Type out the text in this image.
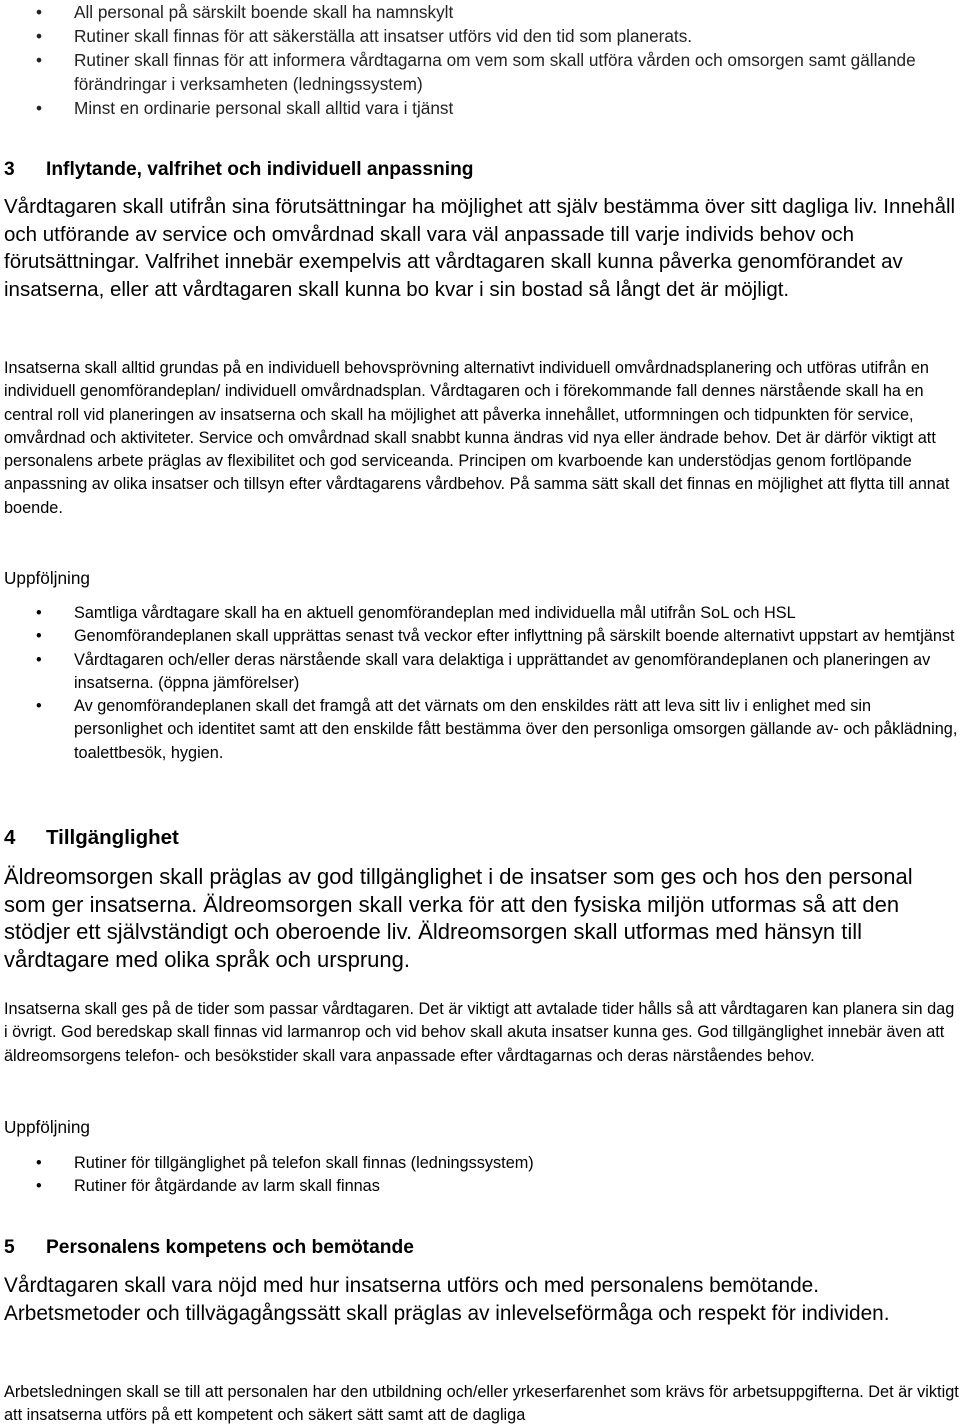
• All personal på särskilt boende skall ha namnskylt
• Rutiner skall finnas för att säkerställa att insatser utförs vid den tid som planerats.
• Rutiner skall finnas för att informera vårdtagarna om vem som skall utföra vården och omsorgen samt gällande förändringar i verksamheten (ledningssystem)
• Minst en ordinarie personal skall alltid vara i tjänst
3 Inflytande, valfrihet och individuell anpassning

Vårdtagaren skall utifrån sina förutsättningar ha möjlighet att själv bestämma över sitt dagliga liv. Innehåll och utförande av service och omvårdnad skall vara väl anpassade till varje individs behov och förutsättningar. Valfrihet innebär exempelvis att vårdtagaren skall kunna påverka genomförandet av insatserna, eller att vårdtagaren skall kunna bo kvar i sin bostad så långt det är möjligt.

Insatserna skall alltid grundas på en individuell behovsprövning alternativt individuell omvårdnadsplanering och utföras utifrån en individuell genomförandeplan/ individuell omvårdnadsplan. Vårdtagaren och i förekommande fall dennes närstående skall ha en central roll vid planeringen av insatserna och skall ha möjlighet att påverka innehållet, utformningen och tidpunkten för service, omvårdnad och aktiviteter. Service och omvårdnad skall snabbt kunna ändras vid nya eller ändrade behov. Det är därför viktigt att personalens arbete präglas av flexibilitet och god serviceanda. Principen om kvarboende kan understödjas genom fortlöpande anpassning av olika insatser och tillsyn efter vårdtagarens vårdbehov. På samma sätt skall det finnas en möjlighet att flytta till annat boende.

Uppföljning

• Samtliga vårdtagare skall ha en aktuell genomförandeplan med individuella mål utifrån SoL och HSL
• Genomförandeplanen skall upprättas senast två veckor efter inflyttning på särskilt boende alternativt uppstart av hemtjänst
• Vårdtagaren och/eller deras närstående skall vara delaktiga i upprättandet av genomförandeplanen och planeringen av insatserna. (öppna jämförelser)
• Av genomförandeplanen skall det framgå att det värnats om den enskildes rätt att leva sitt liv i enlighet med sin personlighet och identitet samt att den enskilde fått bestämma över den personliga omsorgen gällande av- och påklädning, toalettbesök, hygien.
4 Tillgänglighet

Äldreomsorgen skall präglas av god tillgänglighet i de insatser som ges och hos den personal som ger insatserna. Äldreomsorgen skall verka för att den fysiska miljön utformas så att den stödjer ett självständigt och oberoende liv. Äldreomsorgen skall utformas med hänsyn till vårdtagare med olika språk och ursprung.

Insatserna skall ges på de tider som passar vårdtagaren. Det är viktigt att avtalade tider hålls så att vårdtagaren kan planera sin dag i övrigt. God beredskap skall finnas vid larmanrop och vid behov skall akuta insatser kunna ges. God tillgänglighet innebär även att äldreomsorgens telefon- och besökstider skall vara anpassade efter vårdtagarnas och deras närståendes behov.

Uppföljning

• Rutiner för tillgänglighet på telefon skall finnas (ledningssystem)
• Rutiner för åtgärdande av larm skall finnas
5 Personalens kompetens och bemötande

Vårdtagaren skall vara nöjd med hur insatserna utförs och med personalens bemötande. Arbetsmetoder och tillvägagångssätt skall präglas av inlevelseförmåga och respekt för individen.

Arbetsledningen skall se till att personalen har den utbildning och/eller yrkeserfarenhet som krävs för arbetsuppgifterna. Det är viktigt att insatserna utförs på ett kompetent och säkert sätt samt att de dagliga
